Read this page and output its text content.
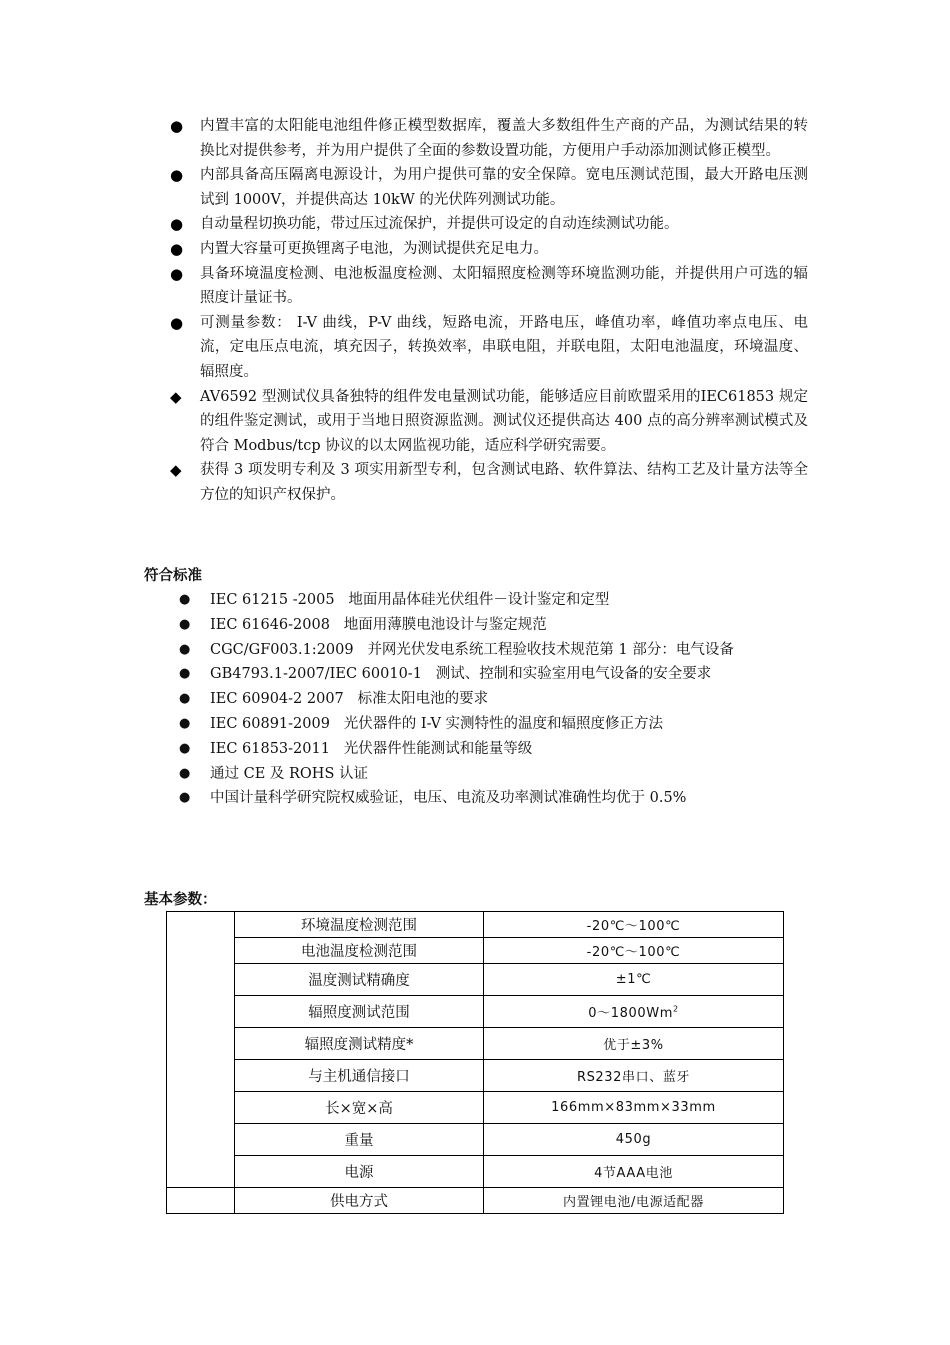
●	内置丰富的太阳能电池组件修正模型数据库，覆盖大多数组件生产商的产品，为测试结果的转换比对提供参考，并为用户提供了全面的参数设置功能，方便用户手动添加测试修正模型。
●	内部具备高压隔离电源设计，为用户提供可靠的安全保障。宽电压测试范围，最大开路电压测试到 1000V，并提供高达 10kW 的光伏阵列测试功能。
●	自动量程切换功能，带过压过流保护，并提供可设定的自动连续测试功能。
●	内置大容量可更换锂离子电池，为测试提供充足电力。
●	具备环境温度检测、电池板温度检测、太阳辐照度检测等环境监测功能，并提供用户可选的辐照度计量证书。
●	可测量参数： I-V 曲线，P-V 曲线，短路电流，开路电压，峰值功率，峰值功率点电压、电流，定电压点电流，填充因子，转换效率，串联电阻，并联电阻，太阳电池温度，环境温度、辐照度。
◆	AV6592 型测试仪具备独特的组件发电量测试功能，能够适应目前欧盟采用的IEC61853 规定的组件鉴定测试，或用于当地日照资源监测。测试仪还提供高达 400 点的高分辨率测试模式及符合 Modbus/tcp 协议的以太网监视功能，适应科学研究需要。
◆	获得 3 项发明专利及 3 项实用新型专利，包含测试电路、软件算法、结构工艺及计量方法等全方位的知识产权保护。
符合标准
● IEC 61215 -2005 地面用晶体硅光伏组件－设计鉴定和定型
● IEC 61646-2008 地面用薄膜电池设计与鉴定规范
● CGC/GF003.1:2009 并网光伏发电系统工程验收技术规范第 1 部分：电气设备
● GB4793.1-2007/IEC 60010-1 测试、控制和实验室用电气设备的安全要求
● IEC 60904-2 2007 标准太阳电池的要求
● IEC 60891-2009 光伏器件的 I-V 实测特性的温度和辐照度修正方法
● IEC 61853-2011 光伏器件性能测试和能量等级
● 通过 CE 及 ROHS 认证
● 中国计量科学研究院权威验证，电压、电流及功率测试准确性均优于 0.5%
基本参数：
	环境温度检测范围	-20℃～100℃
	电池温度检测范围	-20℃～100℃
	温度测试精确度	±1℃
	辐照度测试范围	0～1800Wm$^2$
	辐照度测试精度*	优于±3%
	与主机通信接口	RS232串口、蓝牙
	长×宽×高	166mm×83mm×33mm
	重量	450g
	电源	4节AAA电池
	供电方式	内置锂电池/电源适配器
